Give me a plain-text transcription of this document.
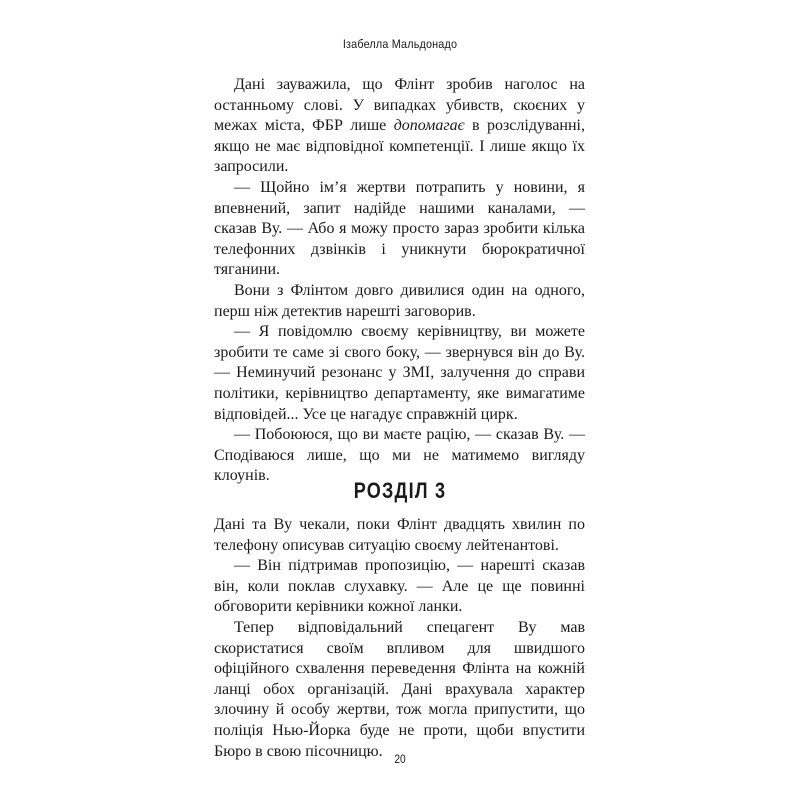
Ізабелла Мальдонадо

Дані зауважила, що Флінт зробив наголос на останньому слові. У випадках убивств, скоєних у межах міста, ФБР лише допомагає в розслідуванні, якщо не має відповідної компетенції. І лише якщо їх запросили.

— Щойно ім’я жертви потрапить у новини, я впевнений, запит надійде нашими каналами, — сказав Ву. — Або я можу просто зараз зробити кілька телефонних дзвінків і уникнути бюрократичної тяганини.

Вони з Флінтом довго дивилися один на одного, перш ніж детектив нарешті заговорив.

— Я повідомлю своєму керівництву, ви можете зробити те саме зі свого боку, — звернувся він до Ву. — Неминучий резонанс у ЗМІ, залучення до справи політики, керівництво департаменту, яке вимагатиме відповідей... Усе це нагадує справжній цирк.

— Побоююся, що ви маєте рацію, — сказав Ву. — Сподіваюся лише, що ми не матимемо вигляду клоунів.

РОЗДІЛ 3

Дані та Ву чекали, поки Флінт двадцять хвилин по телефону описував ситуацію своєму лейтенантові.

— Він підтримав пропозицію, — нарешті сказав він, коли поклав слухавку. — Але це ще повинні обговорити керівники кожної ланки.

Тепер відповідальний спецагент Ву мав скористатися своїм впливом для швидшого офіційного схвалення переведення Флінта на кожній ланці обох організацій. Дані врахувала характер злочину й особу жертви, тож могла припустити, що поліція Нью-Йорка буде не проти, щоби впустити Бюро в свою пісочницю. 20
